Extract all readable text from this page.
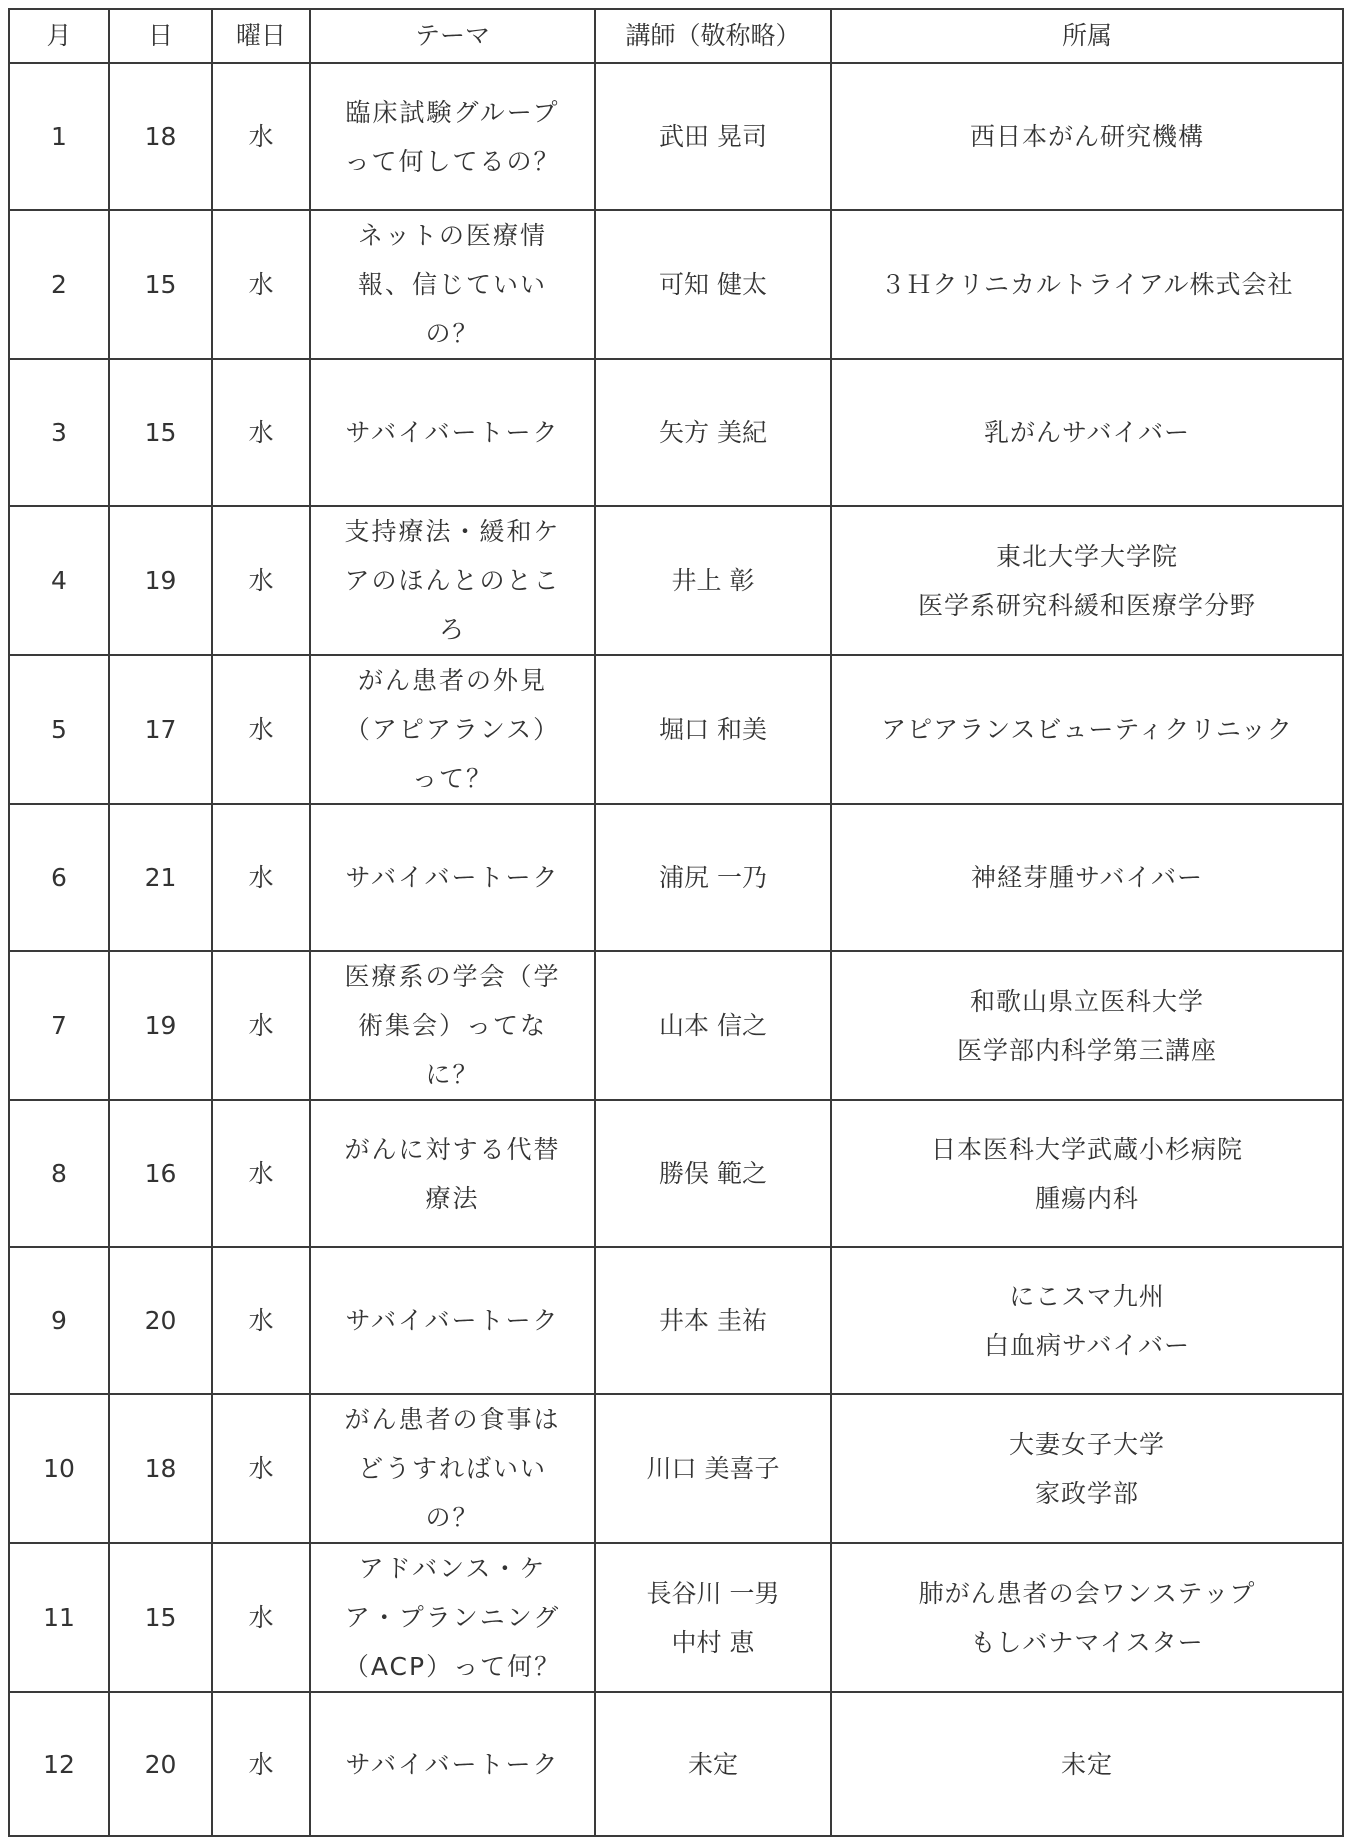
月	日	曜日	テーマ	講師（敬称略）	所属
1	18	水	臨床試験グループ
って何してるの？	武田 晃司	西日本がん研究機構

2	15	水	ネットの医療情
報、信じていい
の？	可知 健太	３Ｈクリニカルトライアル株式会社

3	15	水	サバイバートーク	矢方 美紀	乳がんサバイバー

4	19	水	支持療法・緩和ケ
アのほんとのとこ
ろ	井上 彰	東北大学大学院
医学系研究科緩和医療学分野

5	17	水	がん患者の外見
（アピアランス）
って？	堀口 和美	アピアランスビューティクリニック

6	21	水	サバイバートーク	浦尻 一乃	神経芽腫サバイバー

7	19	水	医療系の学会（学
術集会）ってな
に？	山本 信之	和歌山県立医科大学
医学部内科学第三講座

8	16	水	がんに対する代替
療法	勝俣 範之	日本医科大学武蔵小杉病院
腫瘍内科

9	20	水	サバイバートーク	井本 圭祐	にこスマ九州
白血病サバイバー

10	18	水	がん患者の食事は
どうすればいい
の？	川口 美喜子	大妻女子大学
家政学部

11	15	水	アドバンス・ケ
ア・プランニング
（ACP）って何？	長谷川 一男
中村 恵	肺がん患者の会ワンステップ
もしバナマイスター

12	20	水	サバイバートーク	未定	未定
